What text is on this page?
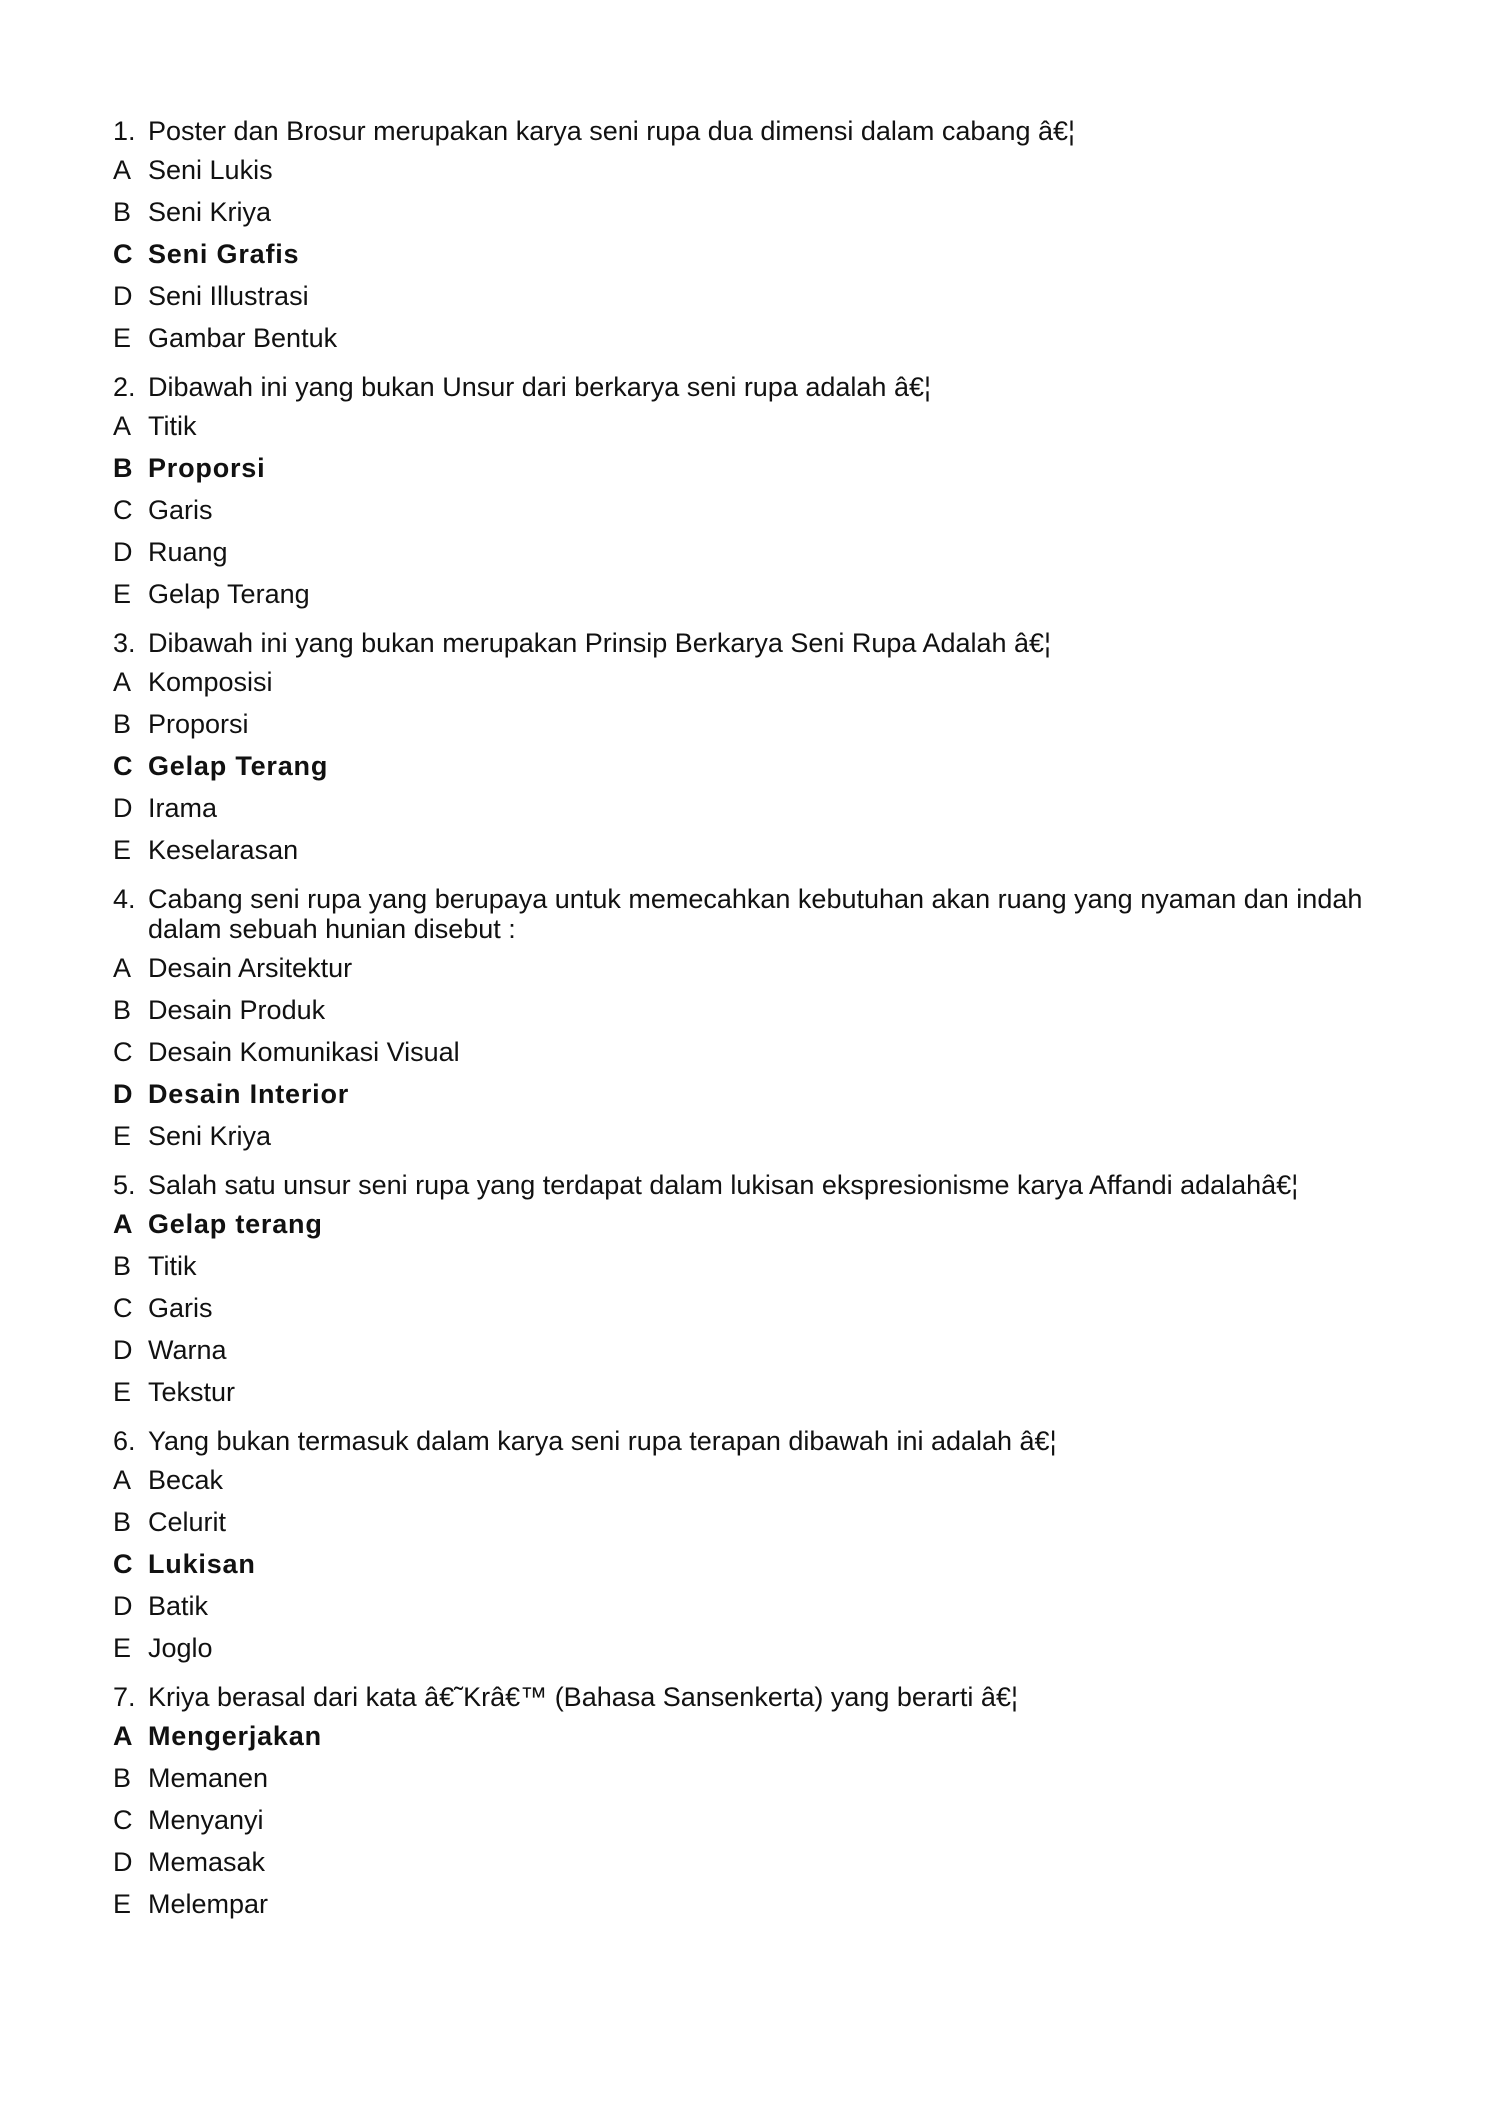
1. Poster dan Brosur merupakan karya seni rupa dua dimensi dalam cabang â€¦
A Seni Lukis
B Seni Kriya
C Seni Grafis
D Seni Illustrasi
E Gambar Bentuk
2. Dibawah ini yang bukan Unsur dari berkarya seni rupa adalah â€¦
A Titik
B Proporsi
C Garis
D Ruang
E Gelap Terang
3. Dibawah ini yang bukan merupakan Prinsip Berkarya Seni Rupa Adalah â€¦
A Komposisi
B Proporsi
C Gelap Terang
D Irama
E Keselarasan
4. Cabang seni rupa yang berupaya untuk memecahkan kebutuhan akan ruang yang nyaman dan indah dalam sebuah hunian disebut :
A Desain Arsitektur
B Desain Produk
C Desain Komunikasi Visual
D Desain Interior
E Seni Kriya
5. Salah satu unsur seni rupa yang terdapat dalam lukisan ekspresionisme karya Affandi adalahâ€¦
A Gelap terang
B Titik
C Garis
D Warna
E Tekstur
6. Yang bukan termasuk dalam karya seni rupa terapan dibawah ini adalah â€¦
A Becak
B Celurit
C Lukisan
D Batik
E Joglo
7. Kriya berasal dari kata â€˜Krâ€™ (Bahasa Sansenkerta) yang berarti â€¦
A Mengerjakan
B Memanen
C Menyanyi
D Memasak
E Melempar
